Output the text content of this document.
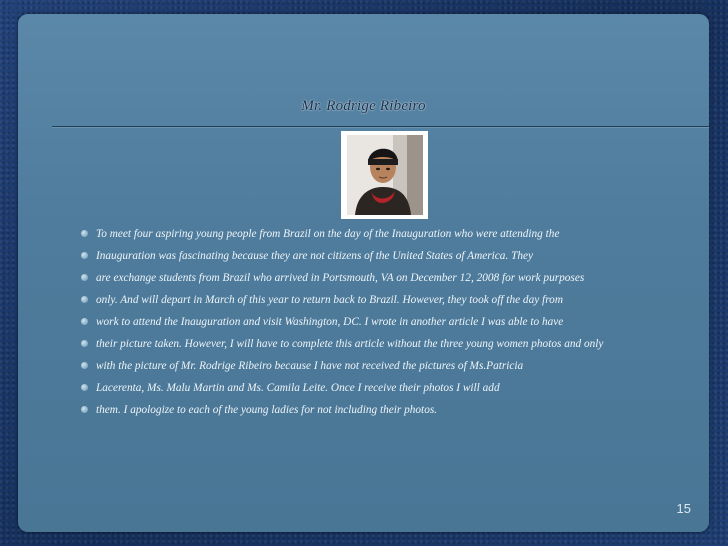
Mr. Rodrige Ribeiro
To meet four aspiring young people from Brazil on the day of the Inauguration who were attending the
Inauguration was fascinating because they are not citizens of the United States of America. They
are exchange students from Brazil who arrived in Portsmouth, VA on December 12, 2008 for work purposes
only. And will depart in March of this year to return back to Brazil. However, they took off the day from
work to attend the Inauguration and visit Washington, DC. I wrote in another article I was able to have
their picture taken. However, I will have to complete this article without the three young women photos and only
with the picture of Mr. Rodrige Ribeiro because I have not received the pictures of Ms.Patricia
Lacerenta, Ms. Malu Martin and Ms. Camila Leite. Once I receive their photos I will add
them. I apologize to each of the young ladies for not including their photos.
15
